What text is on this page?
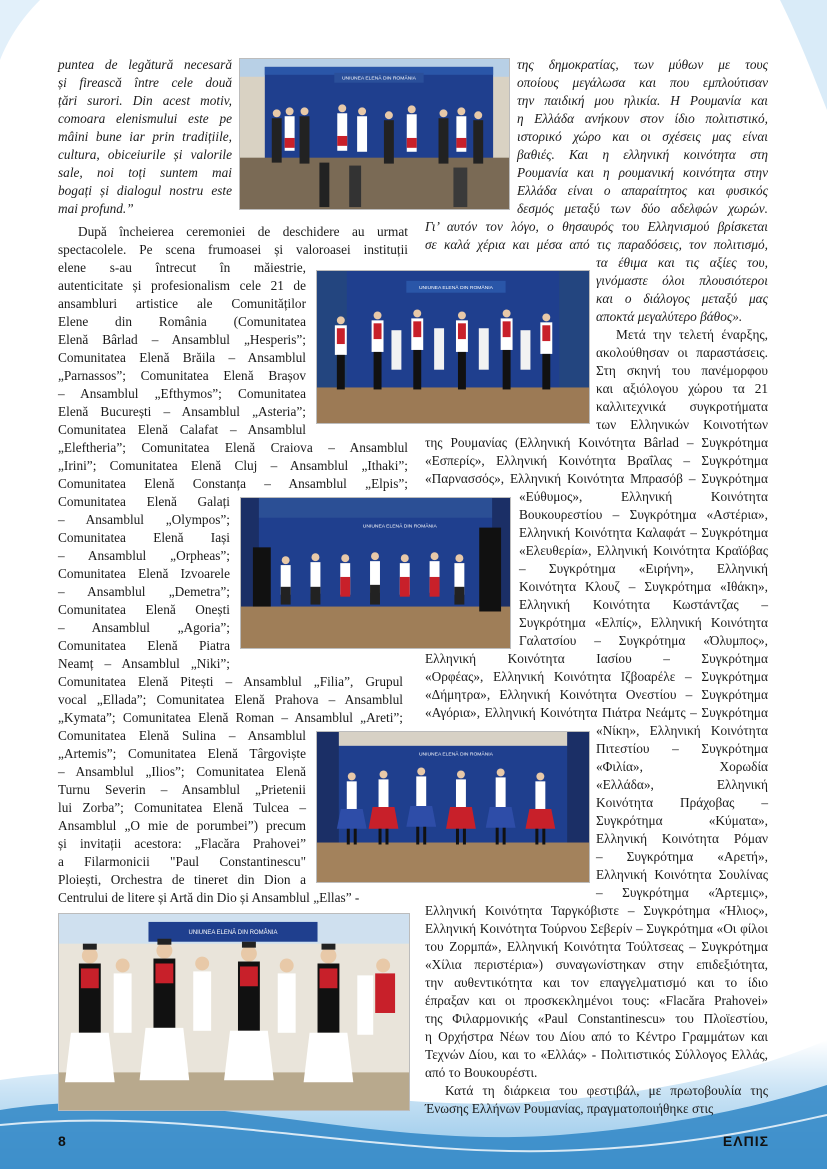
puntea de legătură necesară

și firească între cele două

țări surori. Din acest motiv,

comoara elenismului este pe

mâini bune iar prin tradițiile,

cultura, obiceiurile și valorile

sale, noi toți suntem mai

bogați și dialogul nostru este

mai profund.”

După încheierea ceremoniei de deschidere au urmat

spectacolele. Pe scena frumoasei și valoroasei instituții

elene s-au întrecut în măiestrie,

autenticitate și profesionalism cele 21 de

ansambluri artistice ale Comunităților

Elene din România (Comunitatea

Elenă Bârlad – Ansamblul „Hesperis”;

Comunitatea Elenă Brăila – Ansamblul

„Parnassos”; Comunitatea Elenă Brașov

– Ansamblul „Efthymos”; Comunitatea

Elenă București – Ansamblul „Asteria”;

Comunitatea Elenă Calafat – Ansamblul

„Eleftheria”; Comunitatea Elenă Craiova – Ansamblul

„Irini”; Comunitatea Elenă Cluj – Ansamblul „Ithaki”;

Comunitatea Elenă Constanța – Ansamblul „Elpis”;

Comunitatea Elenă Galați

– Ansamblul „Olympos”;

Comunitatea Elenă Iași

– Ansamblul „Orpheas”;

Comunitatea Elenă Izvoarele

– Ansamblul „Demetra”;

Comunitatea Elenă Onești

– Ansamblul „Agoria”;

Comunitatea Elenă Piatra

Neamț – Ansamblul „Niki”;

Comunitatea Elenă Pitești – Ansamblul „Filia”, Grupul

vocal „Ellada”; Comunitatea Elenă Prahova – Ansamblul

„Kymata”; Comunitatea Elenă Roman – Ansamblul „Areti”;

Comunitatea Elenă Sulina – Ansamblul

„Artemis”; Comunitatea Elenă Târgoviște

– Ansamblul „Ilios”; Comunitatea Elenă

Turnu Severin – Ansamblul „Prietenii

lui Zorba”; Comunitatea Elenă Tulcea –

Ansamblul „O mie de porumbei”) precum

și invitații acestora: „Flacăra Prahovei”

a Filarmonicii "Paul Constantinescu"

Ploiești, Orchestra de tineret din Dion a

Centrului de litere și Artă din Dio și Ansamblul „Ellas” -

της δημοκρατίας, των μύθων με τους

οποίους μεγάλωσα και που εμπλούτισαν

την παιδική μου ηλικία. Η Ρουμανία και

η Ελλάδα ανήκουν στον ίδιο πολιτιστικό,

ιστορικό χώρο και οι σχέσεις μας είναι

βαθιές. Και η ελληνική κοινότητα στη

Ρουμανία και η ρουμανική κοινότητα στην

Ελλάδα είναι ο απαραίτητος και φυσικός

δεσμός μεταξύ των δύο αδελφών χωρών.

Γι’ αυτόν τον λόγο, ο θησαυρός του Ελληνισμού βρίσκεται

σε καλά χέρια και μέσα από τις παραδόσεις, τον πολιτισμό,

τα έθιμα και τις αξίες του,

γινόμαστε όλοι πλουσιότεροι

και ο διάλογος μεταξύ μας

αποκτά μεγαλύτερο βάθος».

Μετά την τελετή έναρξης,

ακολούθησαν οι παραστάσεις.

Στη σκηνή του πανέμορφου

και αξιόλογου χώρου τα 21

καλλιτεχνικά συγκροτήματα

των Ελληνικών Κοινοτήτων

της Ρουμανίας (Ελληνική Κοινότητα Bârlad – Συγκρότημα

«Εσπερίς», Ελληνική Κοινότητα Βραΐλας – Συγκρότημα

«Παρνασσός», Ελληνική Κοινότητα Μπρασόβ – Συγκρότημα

«Εύθυμος», Ελληνική Κοινότητα

Βουκουρεστίου – Συγκρότημα «Αστέρια»,

Ελληνική Κοινότητα Καλαφάτ – Συγκρότημα

«Ελευθερία», Ελληνική Κοινότητα Κραϊόβας

– Συγκρότημα «Ειρήνη», Ελληνική

Κοινότητα Κλουζ – Συγκρότημα «Ιθάκη»,

Ελληνική Κοινότητα Κωστάντζας –

Συγκρότημα «Ελπίς», Ελληνική Κοινότητα

Γαλατσίου – Συγκρότημα «Όλυμπος»,

Ελληνική Κοινότητα Ιασίου – Συγκρότημα

«Ορφέας», Ελληνική Κοινότητα Ιζβοαρέλε – Συγκρότημα

«Δήμητρα», Ελληνική Κοινότητα Ονεστίου – Συγκρότημα

«Αγόρια», Ελληνική Κοινότητα Πιάτρα Νεάμτς – Συγκρότημα

«Νίκη», Ελληνική Κοινότητα

Πιτεστίου – Συγκρότημα

«Φιλία», Χορωδία

«Ελλάδα», Ελληνική

Κοινότητα Πράχοβας –

Συγκρότημα «Κύματα»,

Ελληνική Κοινότητα Ρόμαν

– Συγκρότημα «Αρετή»,

Ελληνική Κοινότητα Σουλίνας

– Συγκρότημα «Άρτεμις»,

Ελληνική Κοινότητα Ταργκόβιστε – Συγκρότημα «Ήλιος»,

Ελληνική Κοινότητα Τούρνου Σεβερίν – Συγκρότημα «Οι φίλοι

του Ζορμπά», Ελληνική Κοινότητα Τούλτσεας – Συγκρότημα

«Χίλια περιστέρια») συναγωνίστηκαν στην επιδεξιότητα,

την αυθεντικότητα και τον επαγγελματισμό και το ίδιο

έπραξαν και οι προσκεκλημένοι τους: «Flacăra Prahovei»

της Φιλαρμονικής «Paul Constantinescu» του Πλοϊεστίου,

η Ορχήστρα Νέων του Δίου από το Κέντρο Γραμμάτων και

Τεχνών Δίου, και το «Ελλάς» - Πολιτιστικός Σύλλογος Ελλάς,

από το Βουκουρέστι.

Κατά τη διάρκεια του φεστιβάλ, με πρωτοβουλία της

Ένωσης Ελλήνων Ρουμανίας, πραγματοποιήθηκε στις

UNIUNEA ELENĂ DIN ROMÂNIA
UNIUNEA ELENĂ DIN ROMÂNIA
UNIUNEA ELENĂ DIN ROMÂNIA
UNIUNEA ELENĂ DIN ROMÂNIA
UNIUNEA ELENĂ DIN ROMÂNIA
8	ΕΛΠΙΣ
